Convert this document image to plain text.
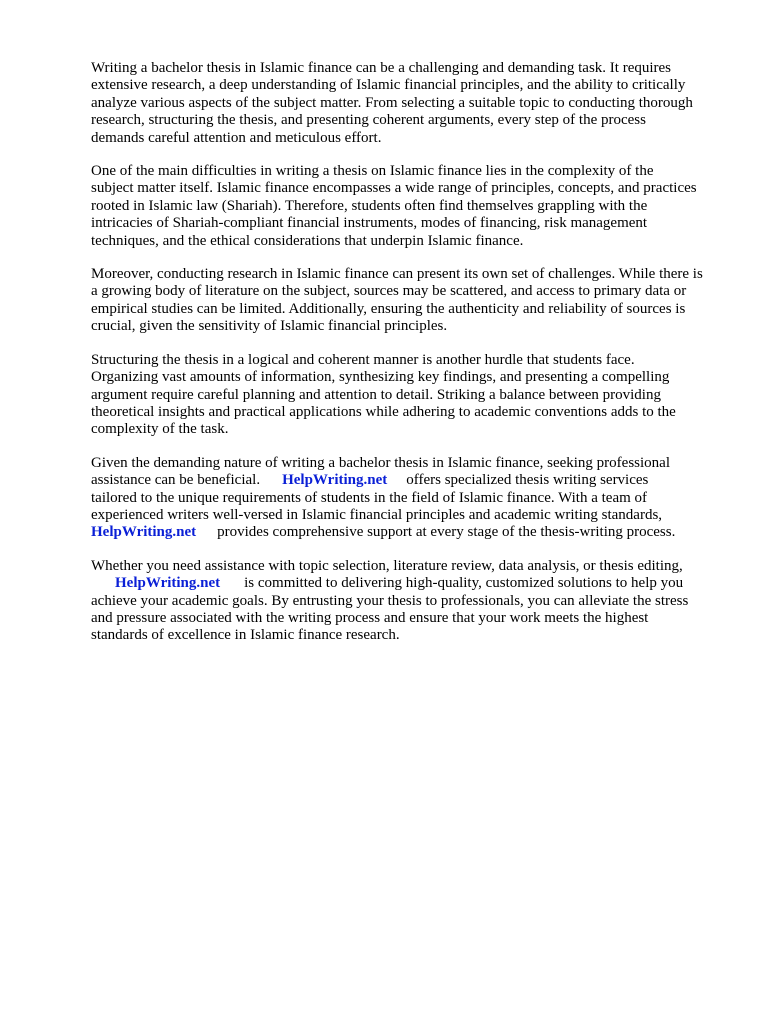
Writing a bachelor thesis in Islamic finance can be a challenging and demanding task. It requires
extensive research, a deep understanding of Islamic financial principles, and the ability to critically
analyze various aspects of the subject matter. From selecting a suitable topic to conducting thorough
research, structuring the thesis, and presenting coherent arguments, every step of the process
demands careful attention and meticulous effort.

One of the main difficulties in writing a thesis on Islamic finance lies in the complexity of the
subject matter itself. Islamic finance encompasses a wide range of principles, concepts, and practices
rooted in Islamic law (Shariah). Therefore, students often find themselves grappling with the
intricacies of Shariah-compliant financial instruments, modes of financing, risk management
techniques, and the ethical considerations that underpin Islamic finance.

Moreover, conducting research in Islamic finance can present its own set of challenges. While there is
a growing body of literature on the subject, sources may be scattered, and access to primary data or
empirical studies can be limited. Additionally, ensuring the authenticity and reliability of sources is
crucial, given the sensitivity of Islamic financial principles.

Structuring the thesis in a logical and coherent manner is another hurdle that students face.
Organizing vast amounts of information, synthesizing key findings, and presenting a compelling
argument require careful planning and attention to detail. Striking a balance between providing
theoretical insights and practical applications while adhering to academic conventions adds to the
complexity of the task.

Given the demanding nature of writing a bachelor thesis in Islamic finance, seeking professional
assistance can be beneficial. HelpWriting.net offers specialized thesis writing services
tailored to the unique requirements of students in the field of Islamic finance. With a team of
experienced writers well-versed in Islamic financial principles and academic writing standards,
HelpWriting.net provides comprehensive support at every stage of the thesis-writing process.

Whether you need assistance with topic selection, literature review, data analysis, or thesis editing,
HelpWriting.net is committed to delivering high-quality, customized solutions to help you
achieve your academic goals. By entrusting your thesis to professionals, you can alleviate the stress
and pressure associated with the writing process and ensure that your work meets the highest
standards of excellence in Islamic finance research.
